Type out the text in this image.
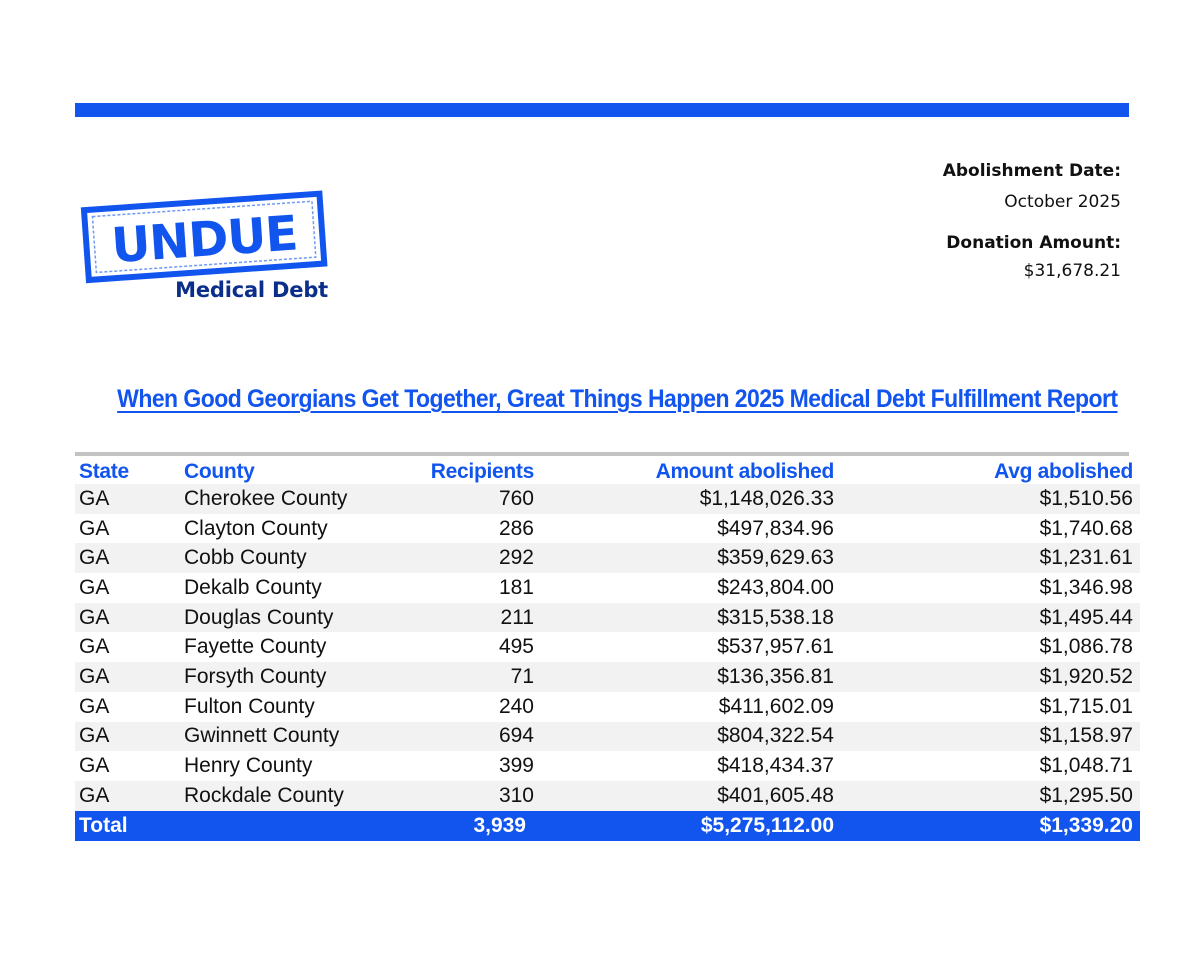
UNDUE
Medical Debt
Abolishment Date:
October 2025
Donation Amount:
$31,678.21
When Good Georgians Get Together, Great Things Happen 2025 Medical Debt Fulfillment Report
State	County	Recipients	Amount abolished	Avg abolished
GA	Cherokee County	760	$1,148,026.33	$1,510.56
GA	Clayton County	286	$497,834.96	$1,740.68
GA	Cobb County	292	$359,629.63	$1,231.61
GA	Dekalb County	181	$243,804.00	$1,346.98
GA	Douglas County	211	$315,538.18	$1,495.44
GA	Fayette County	495	$537,957.61	$1,086.78
GA	Forsyth County	71	$136,356.81	$1,920.52
GA	Fulton County	240	$411,602.09	$1,715.01
GA	Gwinnett County	694	$804,322.54	$1,158.97
GA	Henry County	399	$418,434.37	$1,048.71
GA	Rockdale County	310	$401,605.48	$1,295.50
Total		3,939	$5,275,112.00	$1,339.20
